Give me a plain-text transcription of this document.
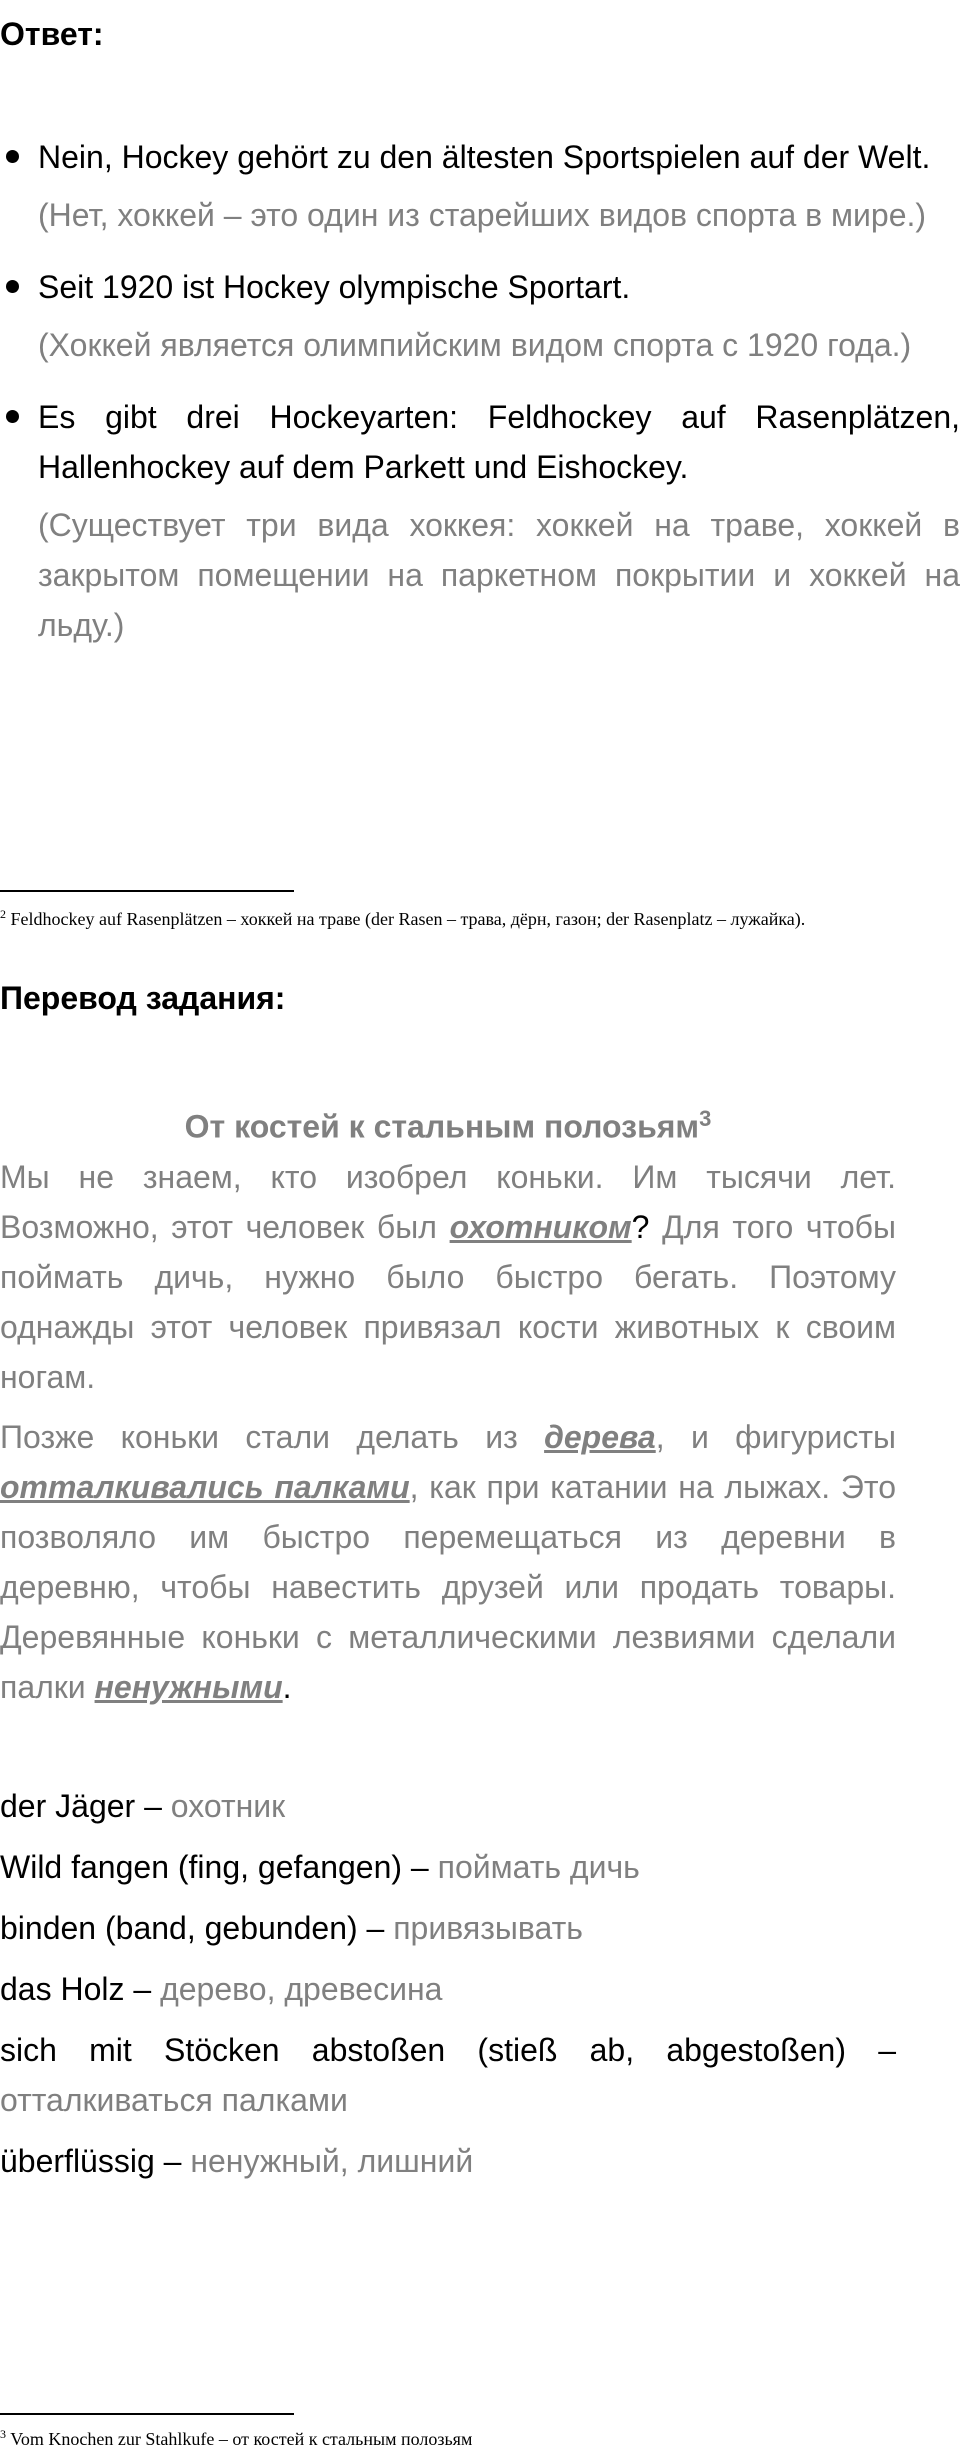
Ответ:
Nein, Hockey gehört zu den ältesten Sportspielen auf der Welt.
(Нет, хоккей – это один из старейших видов спорта в мире.)
Seit 1920 ist Hockey olympische Sportart.
(Хоккей является олимпийским видом спорта с 1920 года.)
Es gibt drei Hockeyarten: Feldhockey auf Rasenplätzen, Hallenhockey auf dem Parkett und Eishockey.
(Существует три вида хоккея: хоккей на траве, хоккей в закрытом помещении на паркетном покрытии и хоккей на льду.)
$^2$ Feldhockey auf Rasenplätzen – хоккей на траве (der Rasen – трава, дёрн, газон; der Rasenplatz – лужайка).
Перевод задания:
От костей к стальным полозьям$^3$

Мы не знаем, кто изобрел коньки. Им тысячи лет. Возможно, этот человек был охотником? Для того чтобы поймать дичь, нужно было быстро бегать. Поэтому однажды этот человек привязал кости животных к своим ногам.

Позже коньки стали делать из дерева, и фигуристы отталкивались палками, как при катании на лыжах. Это позволяло им быстро перемещаться из деревни в деревню, чтобы навестить друзей или продать товары. Деревянные коньки с металлическими лезвиями сделали палки ненужными.

der Jäger – охотник
Wild fangen (fing, gefangen) – поймать дичь
binden (band, gebunden) – привязывать
das Holz – дерево, древесина
sich mit Stöcken abstoßen (stieß ab, abgestoßen) –
отталкиваться палками
überflüssig – ненужный, лишний
$^3$ Vom Knochen zur Stahlkufe – от костей к стальным полозьям
